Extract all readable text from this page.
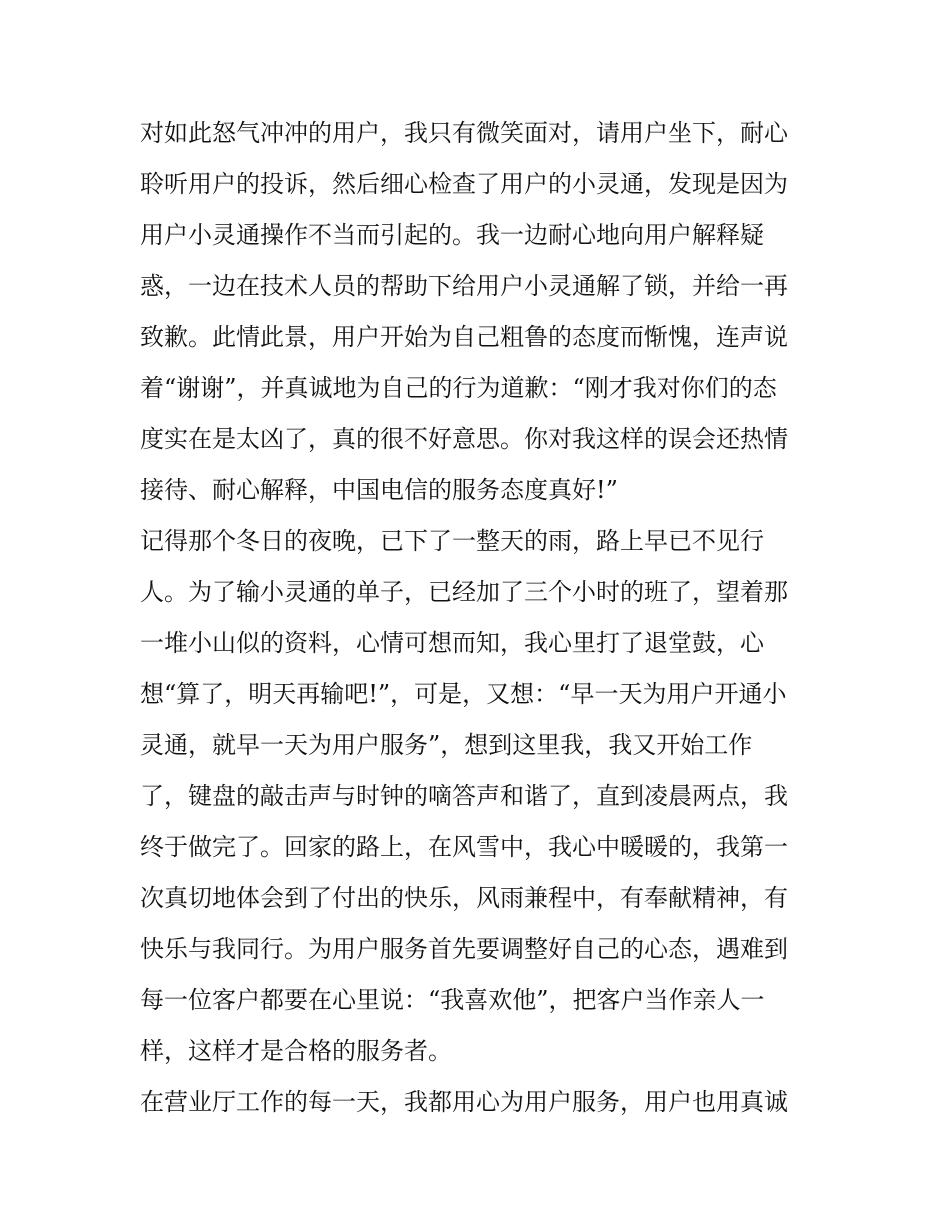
对如此怒气冲冲的用户，我只有微笑面对，请用户坐下，耐心
聆听用户的投诉，然后细心检查了用户的小灵通，发现是因为
用户小灵通操作不当而引起的。我一边耐心地向用户解释疑
惑，一边在技术人员的帮助下给用户小灵通解了锁，并给一再
致歉。此情此景，用户开始为自己粗鲁的态度而惭愧，连声说
着“谢谢”，并真诚地为自己的行为道歉：“刚才我对你们的态
度实在是太凶了，真的很不好意思。你对我这样的误会还热情
接待、耐心解释，中国电信的服务态度真好!”
记得那个冬日的夜晚，已下了一整天的雨，路上早已不见行
人。为了输小灵通的单子，已经加了三个小时的班了，望着那
一堆小山似的资料，心情可想而知，我心里打了退堂鼓，心
想“算了，明天再输吧!”，可是，又想：“早一天为用户开通小
灵通，就早一天为用户服务”，想到这里我，我又开始工作
了，键盘的敲击声与时钟的嘀答声和谐了，直到凌晨两点，我
终于做完了。回家的路上，在风雪中，我心中暖暖的，我第一
次真切地体会到了付出的快乐，风雨兼程中，有奉献精神，有
快乐与我同行。为用户服务首先要调整好自己的心态，遇难到
每一位客户都要在心里说：“我喜欢他”，把客户当作亲人一
样，这样才是合格的服务者。
在营业厅工作的每一天，我都用心为用户服务，用户也用真诚
